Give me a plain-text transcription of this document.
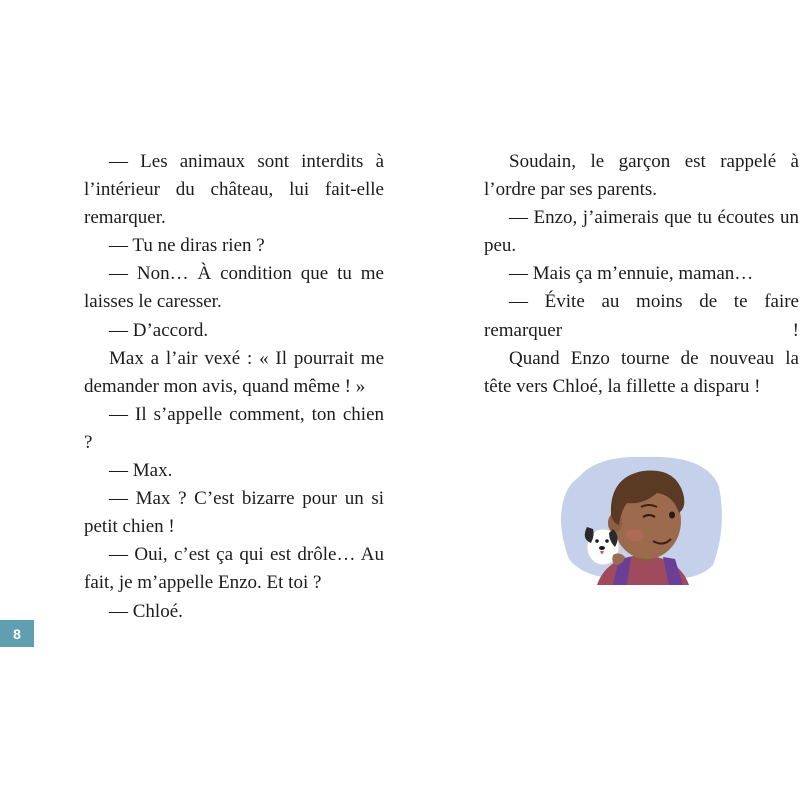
— Les animaux sont interdits à l’intérieur du château, lui fait-elle remarquer.

— Tu ne diras rien ?

— Non… À condition que tu me laisses le caresser.

— D’accord.

Max a l’air vexé : « Il pourrait me demander mon avis, quand même ! »

— Il s’appelle comment, ton chien ?

— Max.

— Max ? C’est bizarre pour un si petit chien !

— Oui, c’est ça qui est drôle… Au fait, je m’appelle Enzo. Et toi ?

— Chloé.

Soudain, le garçon est rappelé à l’ordre par ses parents.

— Enzo, j’aimerais que tu écoutes un peu.

— Mais ça m’ennuie, maman…

— Évite au moins de te faire remarquer !

Quand Enzo tourne de nouveau la tête vers Chloé, la fillette a disparu !

8
